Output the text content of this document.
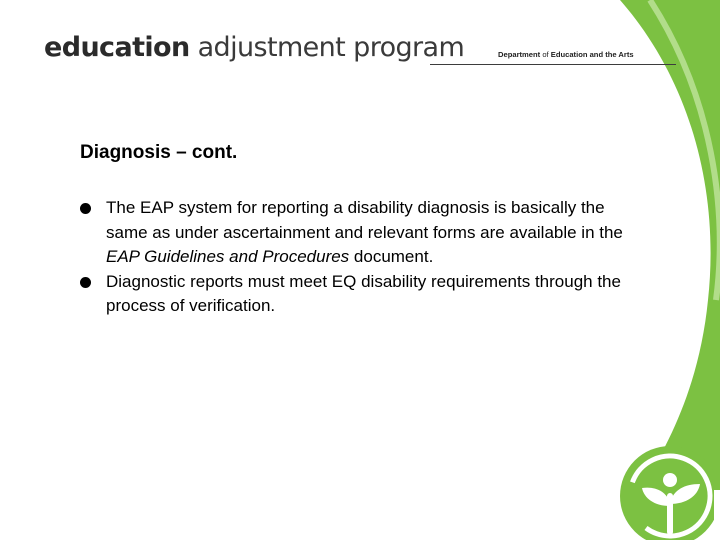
education adjustment program	Department of Education and the Arts
Diagnosis – cont.
The EAP system for reporting a disability diagnosis is basically the same as under ascertainment and relevant forms are available in the EAP Guidelines and Procedures document.
Diagnostic reports must meet EQ disability requirements through the process of verification.
